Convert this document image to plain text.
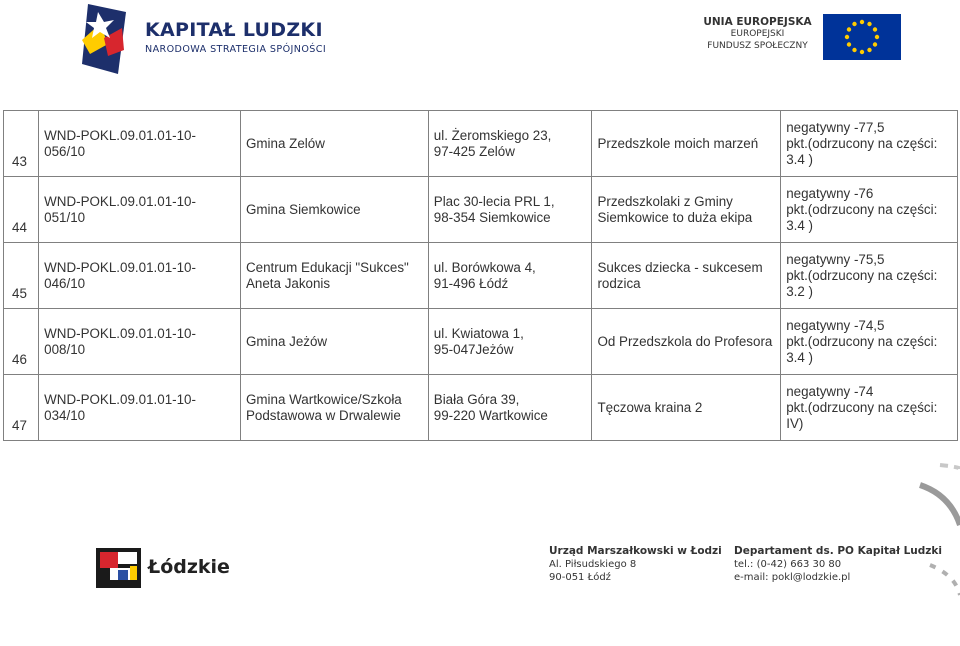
KAPITAŁ LUDZKI
NARODOWA STRATEGIA SPÓJNOŚCI
UNIA EUROPEJSKA
EUROPEJSKI
FUNDUSZ SPOŁECZNY
43	WND-POKL.09.01.01-10-056/10	Gmina Zelów	ul. Żeromskiego 23,
97-425 Zelów	Przedszkole moich marzeń	negatywny -77,5
pkt.(odrzucony na części:
3.4 )
44	WND-POKL.09.01.01-10-051/10	Gmina Siemkowice	Plac 30-lecia PRL 1,
98-354 Siemkowice	Przedszkolaki z Gminy
Siemkowice to duża ekipa	negatywny -76
pkt.(odrzucony na części:
3.4 )
45	WND-POKL.09.01.01-10-046/10	Centrum Edukacji "Sukces"
Aneta Jakonis	ul. Borówkowa 4,
91-496 Łódź	Sukces dziecka - sukcesem
rodzica	negatywny -75,5
pkt.(odrzucony na części:
3.2 )
46	WND-POKL.09.01.01-10-008/10	Gmina Jeżów	ul. Kwiatowa 1,
95-047Jeżów	Od Przedszkola do Profesora	negatywny -74,5
pkt.(odrzucony na części:
3.4 )
47	WND-POKL.09.01.01-10-034/10	Gmina Wartkowice/Szkoła
Podstawowa w Drwalewie	Biała Góra 39,
99-220 Wartkowice	Tęczowa kraina 2	negatywny -74
pkt.(odrzucony na części:
IV)
Łódzkie
Urząd Marszałkowski w Łodzi
Al. Piłsudskiego 8
90-051 Łódź
Departament ds. PO Kapitał Ludzki
tel.: (0-42) 663 30 80
e-mail: pokl@lodzkie.pl
